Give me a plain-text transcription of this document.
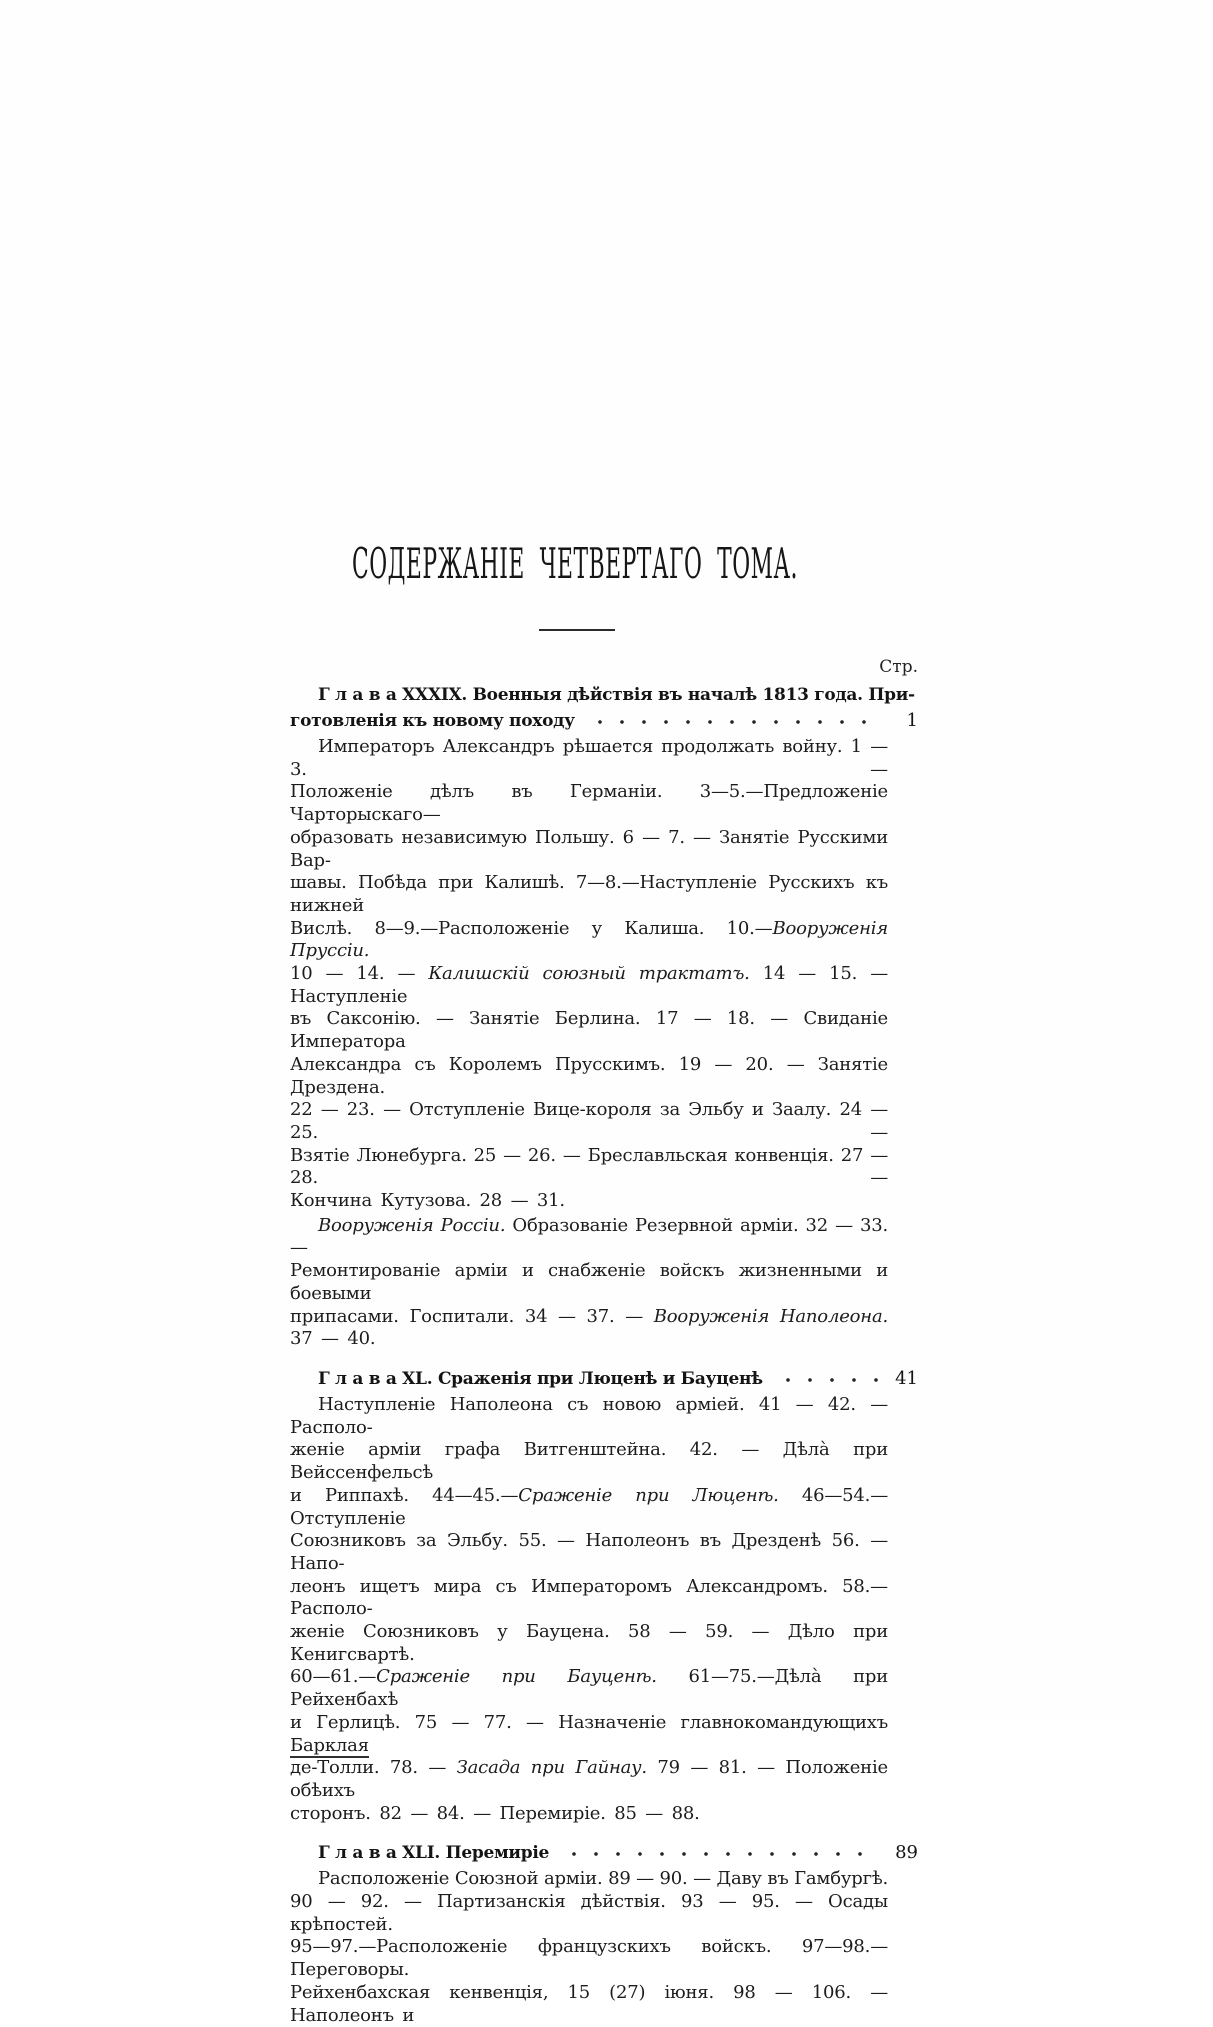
СОДЕРЖАНІЕ ЧЕТВЕРТАГО ТОМА.
Стр.
Г л а в а XXXIX. Военныя дѣйствія въ началѣ 1813 года. При-
готовленія къ новому походу	1
Императоръ Александръ рѣшается продолжать войну. 1 — 3. —
Положеніе дѣлъ въ Германіи. 3—5.—Предложеніе Чарторыскаго—
образовать независимую Польшу. 6 — 7. — Занятіе Русскими Вар-
шавы. Побѣда при Калишѣ. 7—8.—Наступленіе Русскихъ къ нижней
Вислѣ. 8—9.—Расположеніе у Калиша. 10.—Вооруженія Пруссіи.
10 — 14. — Калишскій союзный трактатъ. 14 — 15. — Наступленіе
въ Саксонію. — Занятіе Берлина. 17 — 18. — Свиданіе Императора
Александра съ Королемъ Прусскимъ. 19 — 20. — Занятіе Дрездена.
22 — 23. — Отступленіе Вице-короля за Эльбу и Заалу. 24 — 25. —
Взятіе Люнебурга. 25 — 26. — Бреславльская конвенція. 27 — 28. —
Кончина Кутузова. 28 — 31.
Вооруженія Россіи. Образованіе Резервной арміи. 32 — 33. —
Ремонтированіе арміи и снабженіе войскъ жизненными и боевыми
припасами. Госпитали. 34 — 37. — Вооруженія Наполеона. 37 — 40.
Г л а в а XL. Сраженія при Люценѣ и Бауценѣ	41
Наступленіе Наполеона съ новою арміей. 41 — 42. — Располо-
женіе арміи графа Витгенштейна. 42. — Дѣла̀ при Вейссенфельсѣ
и Риппахѣ. 44—45.—Сраженіе при Люценѣ. 46—54.—Отступленіе
Союзниковъ за Эльбу. 55. — Наполеонъ въ Дрезденѣ 56. — Напо-
леонъ ищетъ мира съ Императоромъ Александромъ. 58.—Располо-
женіе Союзниковъ у Бауцена. 58 — 59. — Дѣло при Кенигсвартѣ.
60—61.—Сраженіе при Бауценѣ. 61—75.—Дѣла̀ при Рейхенбахѣ
и Герлицѣ. 75 — 77. — Назначеніе главнокомандующихъ Барклая
де-Толли. 78. — Засада при Гайнау. 79 — 81. — Положеніе обѣихъ
сторонъ. 82 — 84. — Перемиріе. 85 — 88.
Г л а в а XLI. Перемиріе	89
Расположеніе Союзной арміи. 89 — 90. — Даву въ Гамбургѣ.
90 — 92. — Партизанскія дѣйствія. 93 — 95. — Осады крѣпостей.
95—97.—Расположеніе французскихъ войскъ. 97—98.—Переговоры.
Рейхенбахская кенвенція, 15 (27) іюня. 98 — 106. — Наполеонъ и
